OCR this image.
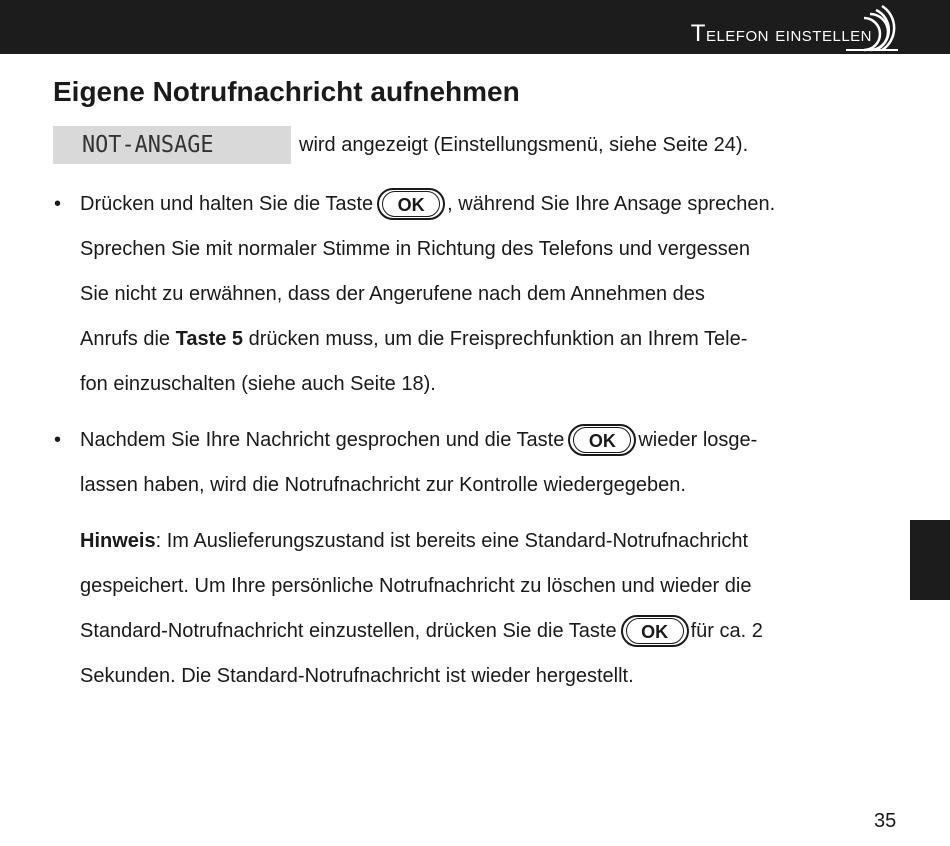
Telefon einstellen
Eigene Notrufnachricht aufnehmen
NOT-ANSAGE	wird angezeigt (Einstellungsmenü, siehe Seite 24).
• Drücken und halten Sie die Taste	OK	, während Sie Ihre Ansage sprechen.
Sprechen Sie mit normaler Stimme in Richtung des Telefons und vergessen
Sie nicht zu erwähnen, dass der Angerufene nach dem Annehmen des
Anrufs die Taste 5 drücken muss, um die Freisprechfunktion an Ihrem Tele-
fon einzuschalten (siehe auch Seite 18).
• Nachdem Sie Ihre Nachricht gesprochen und die Taste	OK	wieder losge-
lassen haben, wird die Notrufnachricht zur Kontrolle wiedergegeben.
Hinweis: Im Auslieferungszustand ist bereits eine Standard-Notrufnachricht
gespeichert. Um Ihre persönliche Notrufnachricht zu löschen und wieder die
Standard-Notrufnachricht einzustellen, drücken Sie die Taste	OK	für ca. 2
Sekunden. Die Standard-Notrufnachricht ist wieder hergestellt.
35
